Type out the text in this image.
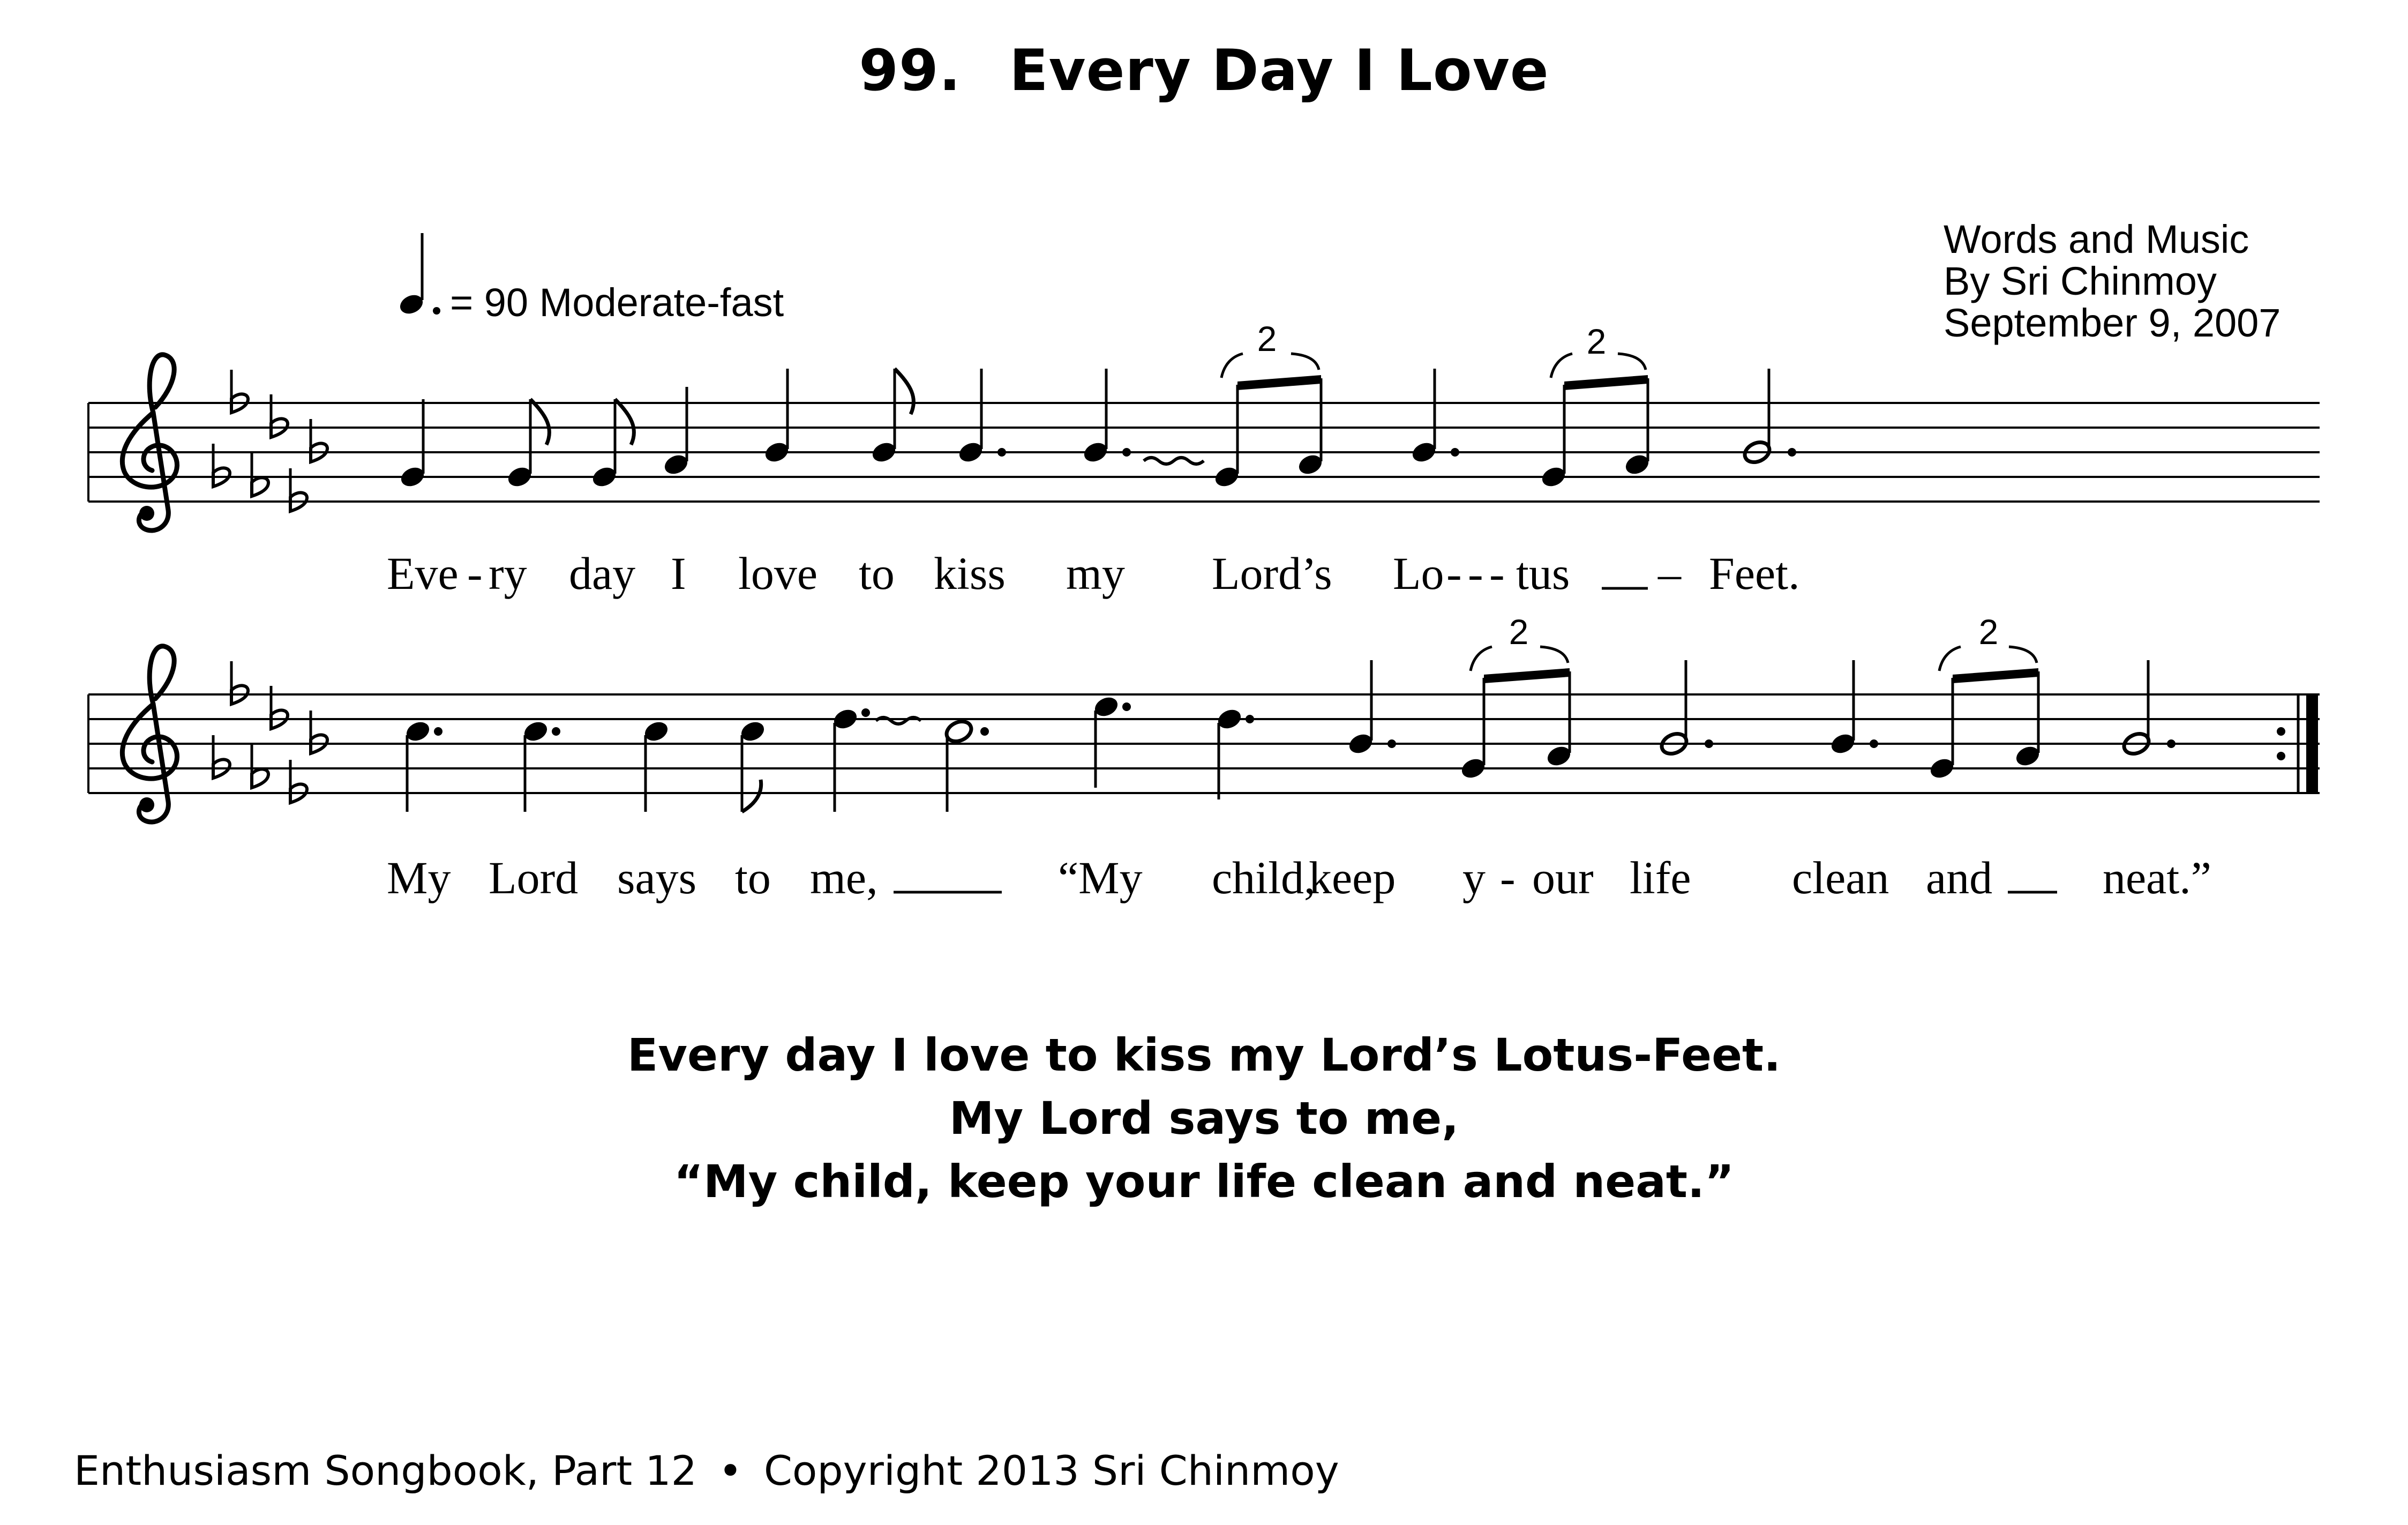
99. Every Day I Love
Words and Music
By Sri Chinmoy
September 9, 2007
= 90 Moderate-fast
2	2
2	2
Eve - ry day I love to kiss my Lord’s Lo - - - tus – Feet.
My Lord says to me,	“My child,
keep y - our life clean and neat.”
Every day I love to kiss my Lord’s Lotus-Feet.
My Lord says to me,
“My child, keep your life clean and neat.”
Enthusiasm Songbook, Part 12 • Copyright 2013 Sri Chinmoy
